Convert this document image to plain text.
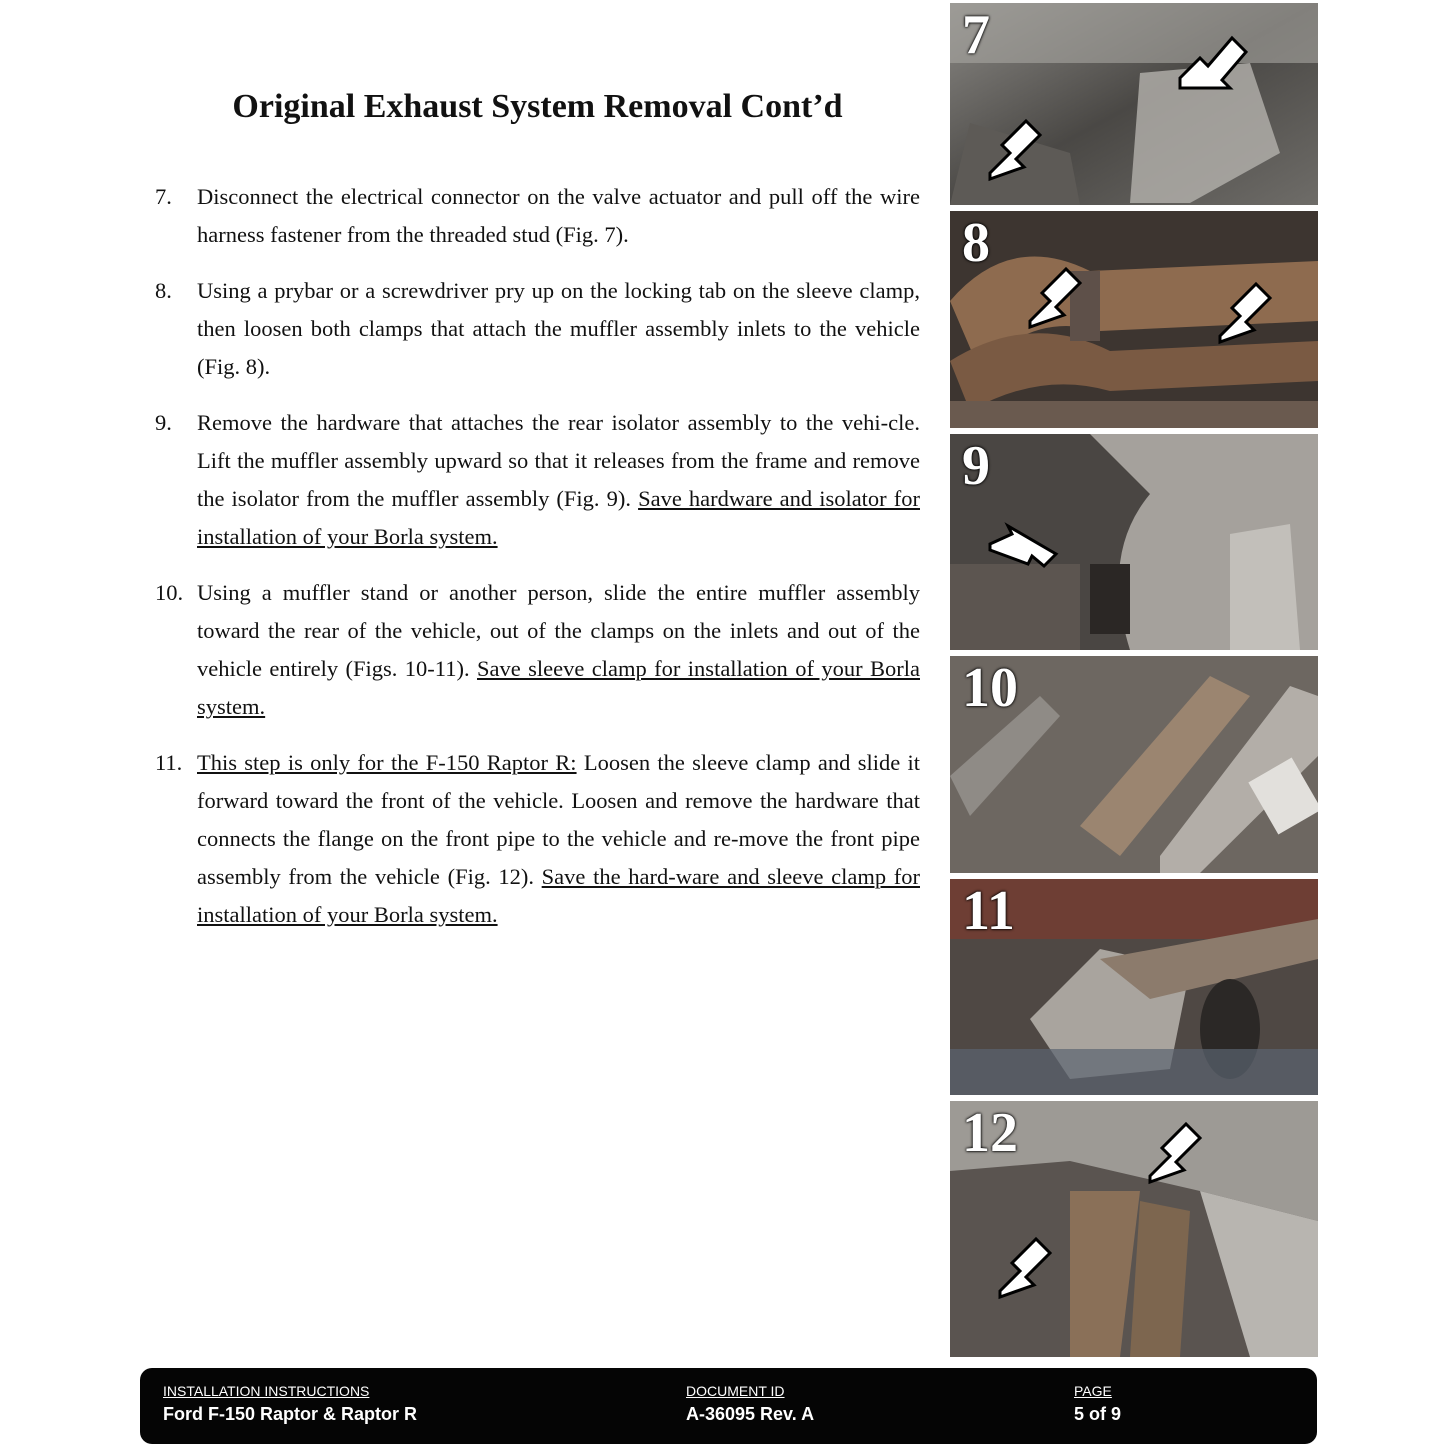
Original Exhaust System Removal Cont’d
7.	Disconnect the electrical connector on the valve actuator and pull off the wire harness fastener from the threaded stud (Fig. 7).
8.	Using a prybar or a screwdriver pry up on the locking tab on the sleeve clamp, then loosen both clamps that attach the muffler assembly inlets to the vehicle (Fig. 8).
9.	Remove the hardware that attaches the rear isolator assembly to the vehi-cle. Lift the muffler assembly upward so that it releases from the frame and remove the isolator from the muffler assembly (Fig. 9). Save hardware and isolator for installation of your Borla system.
10. Using a muffler stand or another person, slide the entire muffler assembly toward the rear of the vehicle, out of the clamps on the inlets and out of the vehicle entirely (Figs. 10-11). Save sleeve clamp for installation of your Borla system.
11. This step is only for the F-150 Raptor R: Loosen the sleeve clamp and slide it forward toward the front of the vehicle. Loosen and remove the hardware that connects the flange on the front pipe to the vehicle and re-move the front pipe assembly from the vehicle (Fig. 12). Save the hard-ware and sleeve clamp for installation of your Borla system.
7
8
9
10
11
12
INSTALLATION INSTRUCTIONS
Ford F-150 Raptor & Raptor R
DOCUMENT ID
A-36095 Rev. A
PAGE
5 of 9
